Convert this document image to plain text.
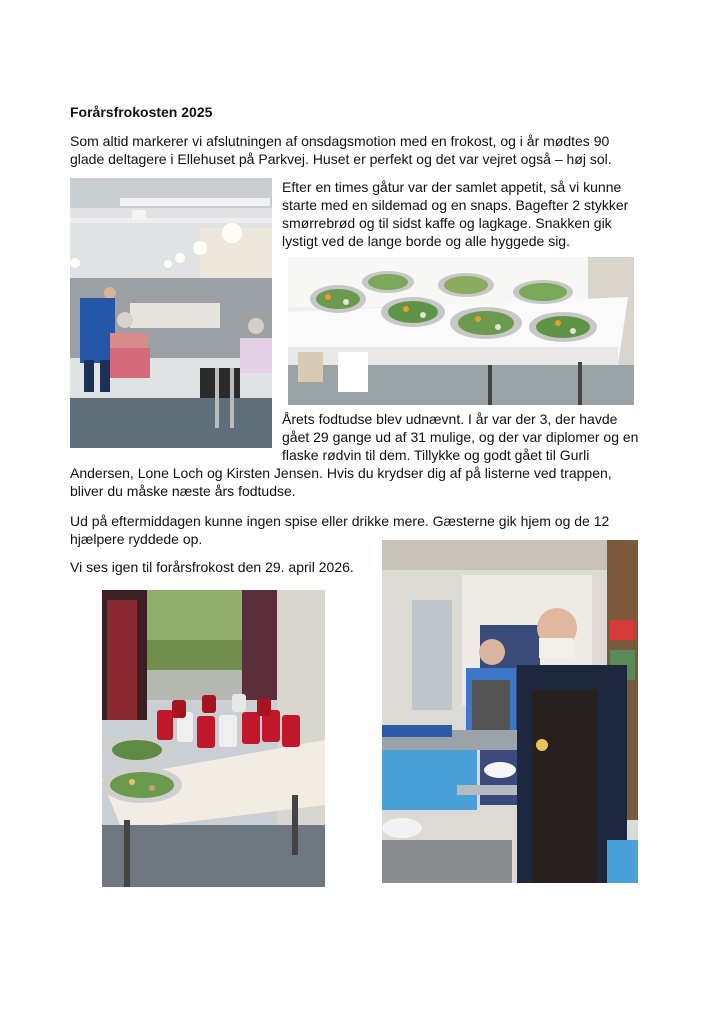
Forårsfrokosten 2025
Som altid markerer vi afslutningen af onsdagsmotion med en frokost, og i år mødtes 90
glade deltagere i Ellehuset på Parkvej. Huset er perfekt og det var vejret også – høj sol.
Efter en times gåtur var der samlet appetit, så vi kunne
starte med en sildemad og en snaps. Bagefter 2 stykker
smørrebrød og til sidst kaffe og lagkage. Snakken gik
lystigt ved de lange borde og alle hyggede sig.
Årets fodtudse blev udnævnt. I år var der 3, der havde
gået 29 gange ud af 31 mulige, og der var diplomer og en
flaske rødvin til dem. Tillykke og godt gået til Gurli
Andersen, Lone Loch og Kirsten Jensen. Hvis du krydser dig af på listerne ved trappen,
bliver du måske næste års fodtudse.
Ud på eftermiddagen kunne ingen spise eller drikke mere. Gæsterne gik hjem og de 12
hjælpere ryddede op.
Vi ses igen til forårsfrokost den 29. april 2026.
